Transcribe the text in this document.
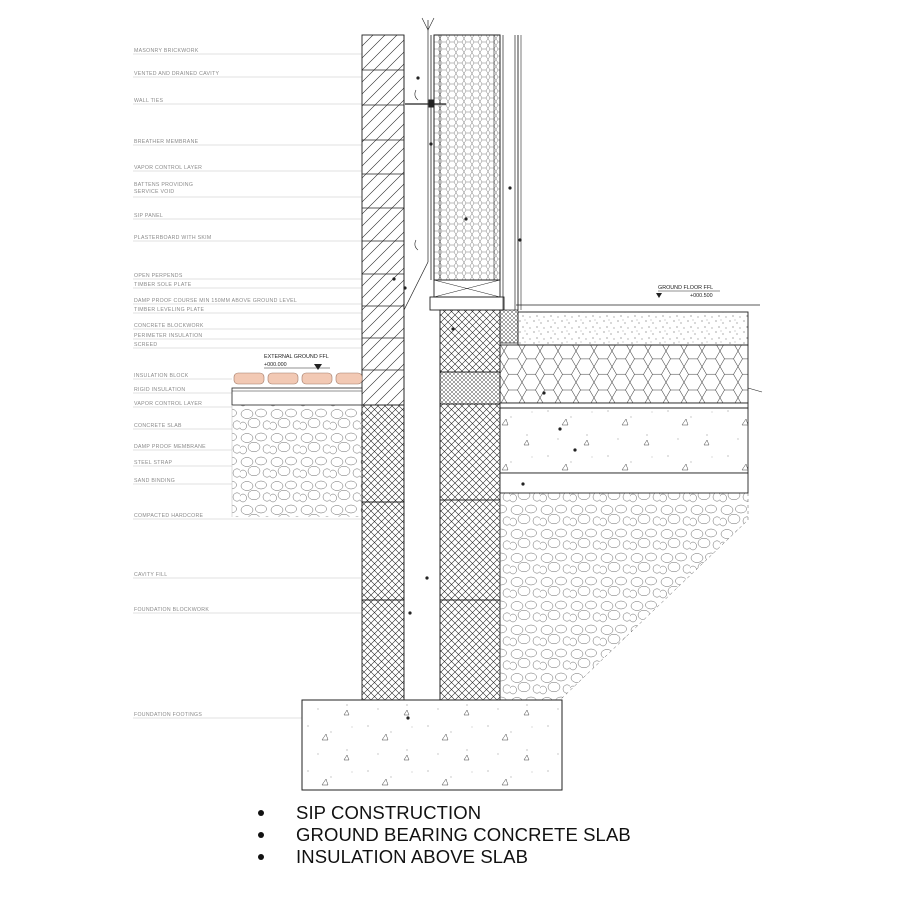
GROUND FLOOR FFL
+000.500
EXTERNAL GROUND FFL
+000.000
MASONRY BRICKWORK
VENTED AND DRAINED CAVITY
WALL TIES
BREATHER MEMBRANE
VAPOR CONTROL LAYER
BATTENS PROVIDING
SERVICE VOID
SIP PANEL
PLASTERBOARD WITH SKIM
OPEN PERPENDS
TIMBER SOLE PLATE
DAMP PROOF COURSE MIN 150MM ABOVE GROUND LEVEL
TIMBER LEVELING PLATE
CONCRETE BLOCKWORK
PERIMETER INSULATION
SCREED
INSULATION BLOCK
RIGID INSULATION
VAPOR CONTROL LAYER
CONCRETE SLAB
DAMP PROOF MEMBRANE
STEEL STRAP
SAND BINDING
COMPACTED HARDCORE
CAVITY FILL
FOUNDATION BLOCKWORK
FOUNDATION FOOTINGS
SIP CONSTRUCTION
GROUND BEARING CONCRETE SLAB
INSULATION ABOVE SLAB
